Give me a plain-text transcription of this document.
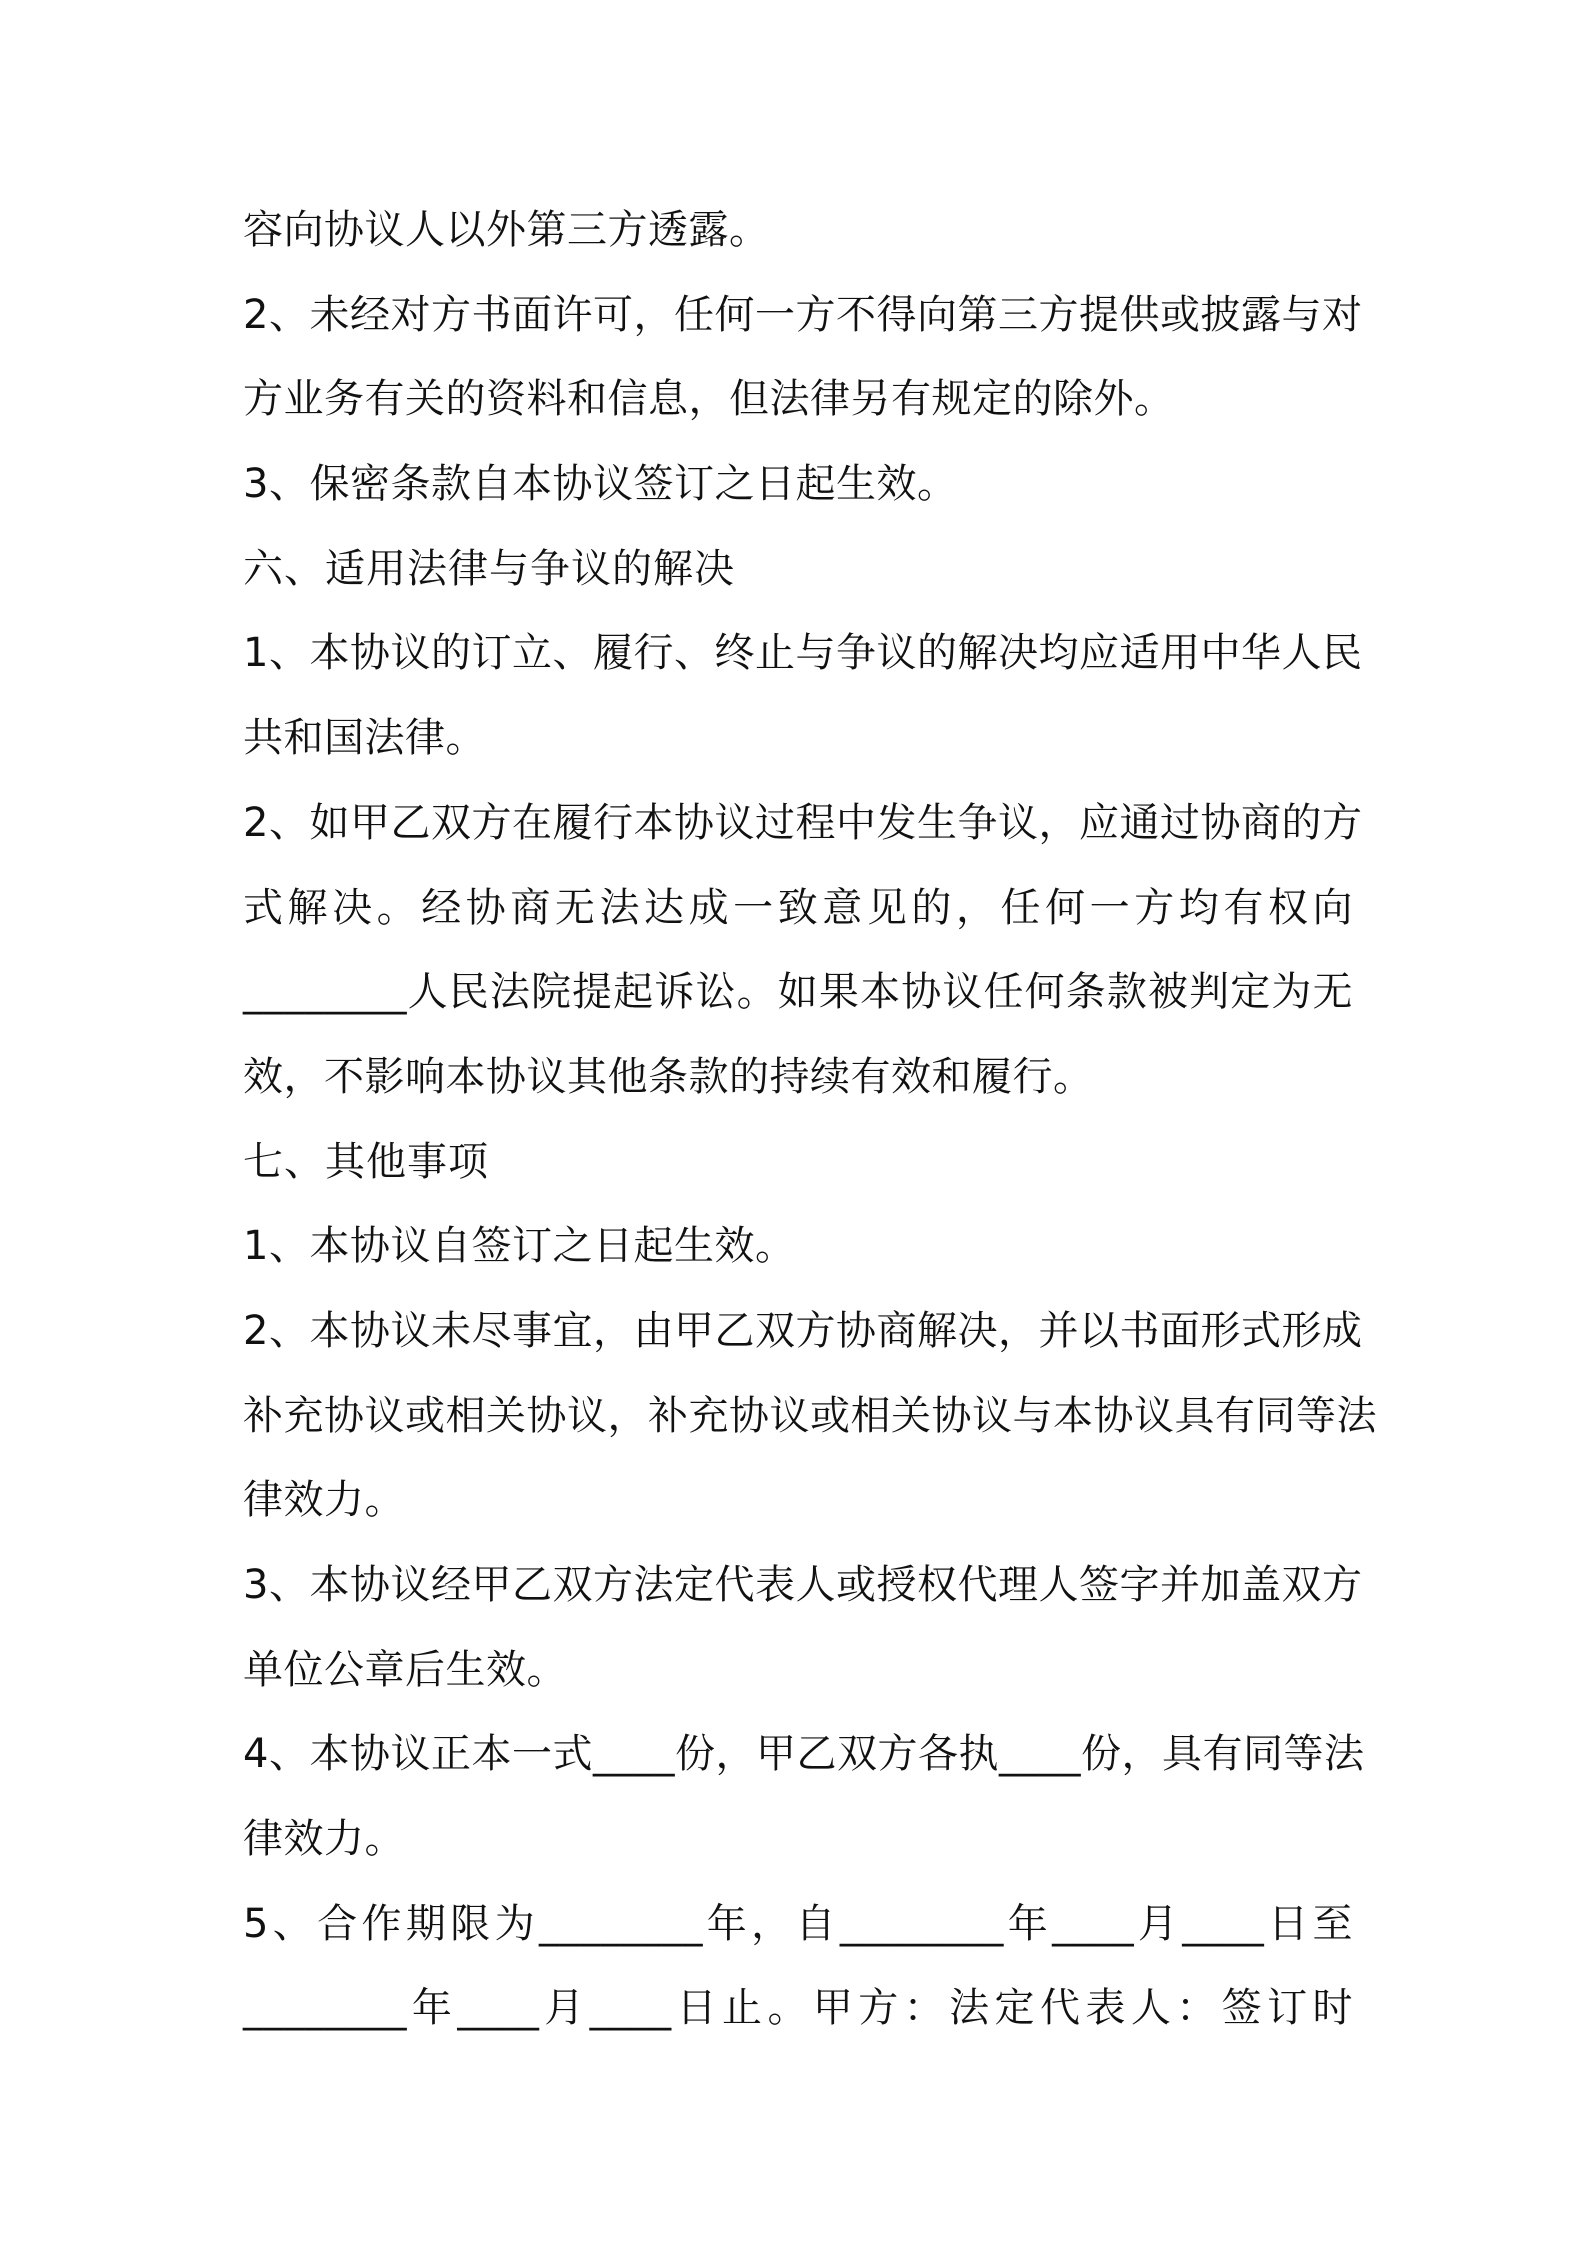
容向协议人以外第三方透露。
2、未经对方书面许可，任何一方不得向第三方提供或披露与对
方业务有关的资料和信息，但法律另有规定的除外。
3、保密条款自本协议签订之日起生效。
六、适用法律与争议的解决
1、本协议的订立、履行、终止与争议的解决均应适用中华人民
共和国法律。
2、如甲乙双方在履行本协议过程中发生争议，应通过协商的方
式解决。经协商无法达成一致意见的，任何一方均有权向
________人民法院提起诉讼。如果本协议任何条款被判定为无
效，不影响本协议其他条款的持续有效和履行。
七、其他事项
1、本协议自签订之日起生效。
2、本协议未尽事宜，由甲乙双方协商解决，并以书面形式形成
补充协议或相关协议，补充协议或相关协议与本协议具有同等法
律效力。
3、本协议经甲乙双方法定代表人或授权代理人签字并加盖双方
单位公章后生效。
4、本协议正本一式____份，甲乙双方各执____份，具有同等法
律效力。
5、合作期限为________年，自________年____月____日至
________年____月____日止。甲方：法定代表人：签订时
